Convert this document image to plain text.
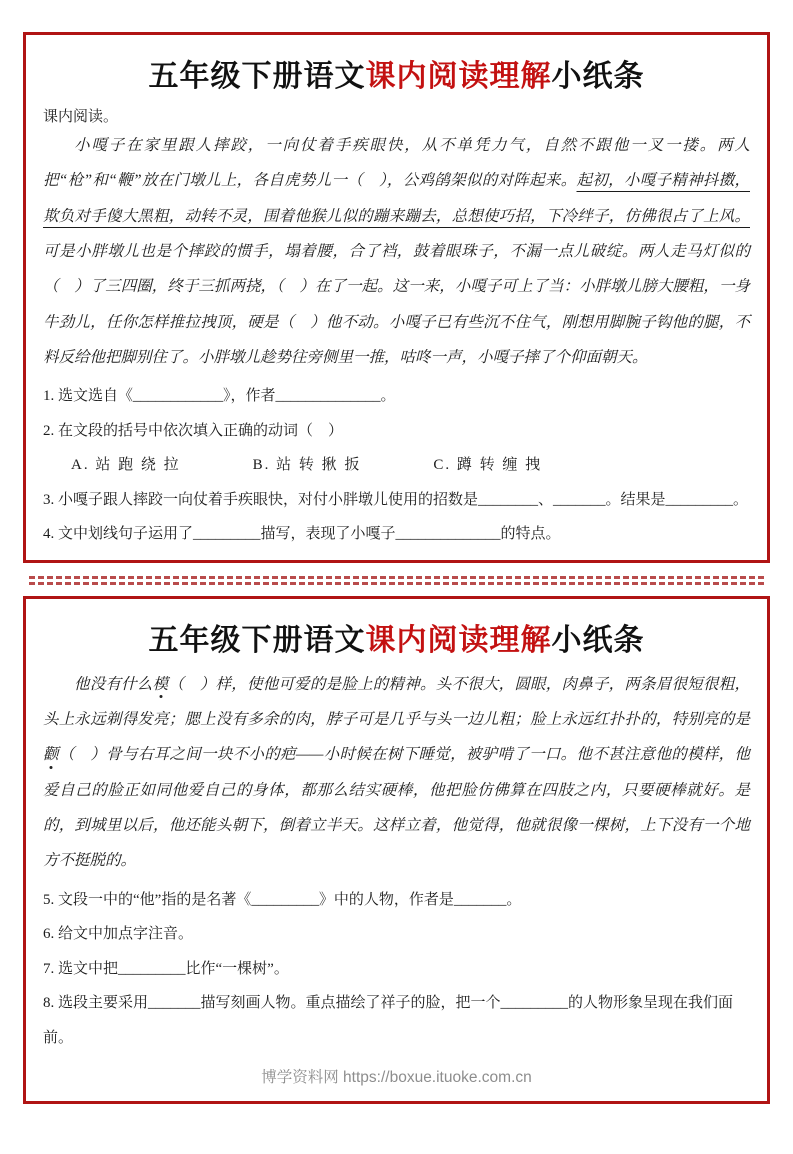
五年级下册语文课内阅读理解小纸条

课内阅读。

小嘎子在家里跟人摔跤，一向仗着手疾眼快，从不单凭力气，自然不跟他一叉一搂。两人把“枪”和“鞭”放在门墩儿上，各自虎势儿一（　），公鸡鹐架似的对阵起来。起初，小嘎子精神抖擞，欺负对手傻大黑粗，动转不灵，围着他猴儿似的蹦来蹦去，总想使巧招，下冷绊子，仿佛很占了上风。可是小胖墩儿也是个摔跤的惯手，塌着腰，合了裆，鼓着眼珠子，不漏一点儿破绽。两人走马灯似的（　）了三四圈，终于三抓两挠，（　）在了一起。这一来，小嘎子可上了当：小胖墩儿膀大腰粗，一身牛劲儿，任你怎样推拉拽顶，硬是（　）他不动。小嘎子已有些沉不住气，刚想用脚腕子钩他的腿，不料反给他把脚别住了。小胖墩儿趁势往旁侧里一推，咕咚一声，小嘎子摔了个仰面朝天。

1. 选文选自《____________》，作者______________。
2. 在文段的括号中依次填入正确的动词（　）
A. 站 跑 绕 拉	B. 站 转 揪 扳	C. 蹲 转 缠 拽
3. 小嘎子跟人摔跤一向仗着手疾眼快，对付小胖墩儿使用的招数是________、_______。结果是_________。
4. 文中划线句子运用了_________描写，表现了小嘎子______________的特点。
五年级下册语文课内阅读理解小纸条

他没有什么模（　）样，使他可爱的是脸上的精神。头不很大，圆眼，肉鼻子，两条眉很短很粗，头上永远剃得发亮；腮上没有多余的肉，脖子可是几乎与头一边儿粗；脸上永远红扑扑的，特别亮的是颧（　）骨与右耳之间一块不小的疤——小时候在树下睡觉，被驴啃了一口。他不甚注意他的模样，他爱自己的脸正如同他爱自己的身体，都那么结实硬棒，他把脸仿佛算在四肢之内，只要硬棒就好。是的，到城里以后，他还能头朝下，倒着立半天。这样立着，他觉得，他就很像一棵树，上下没有一个地方不挺脱的。

5. 文段一中的“他”指的是名著《_________》中的人物，作者是_______。
6. 给文中加点字注音。
7. 选文中把_________比作“一棵树”。
8. 选段主要采用_______描写刻画人物。重点描绘了祥子的脸，把一个_________的人物形象呈现在我们面前。
博学资料网 https://boxue.ituoke.com.cn
